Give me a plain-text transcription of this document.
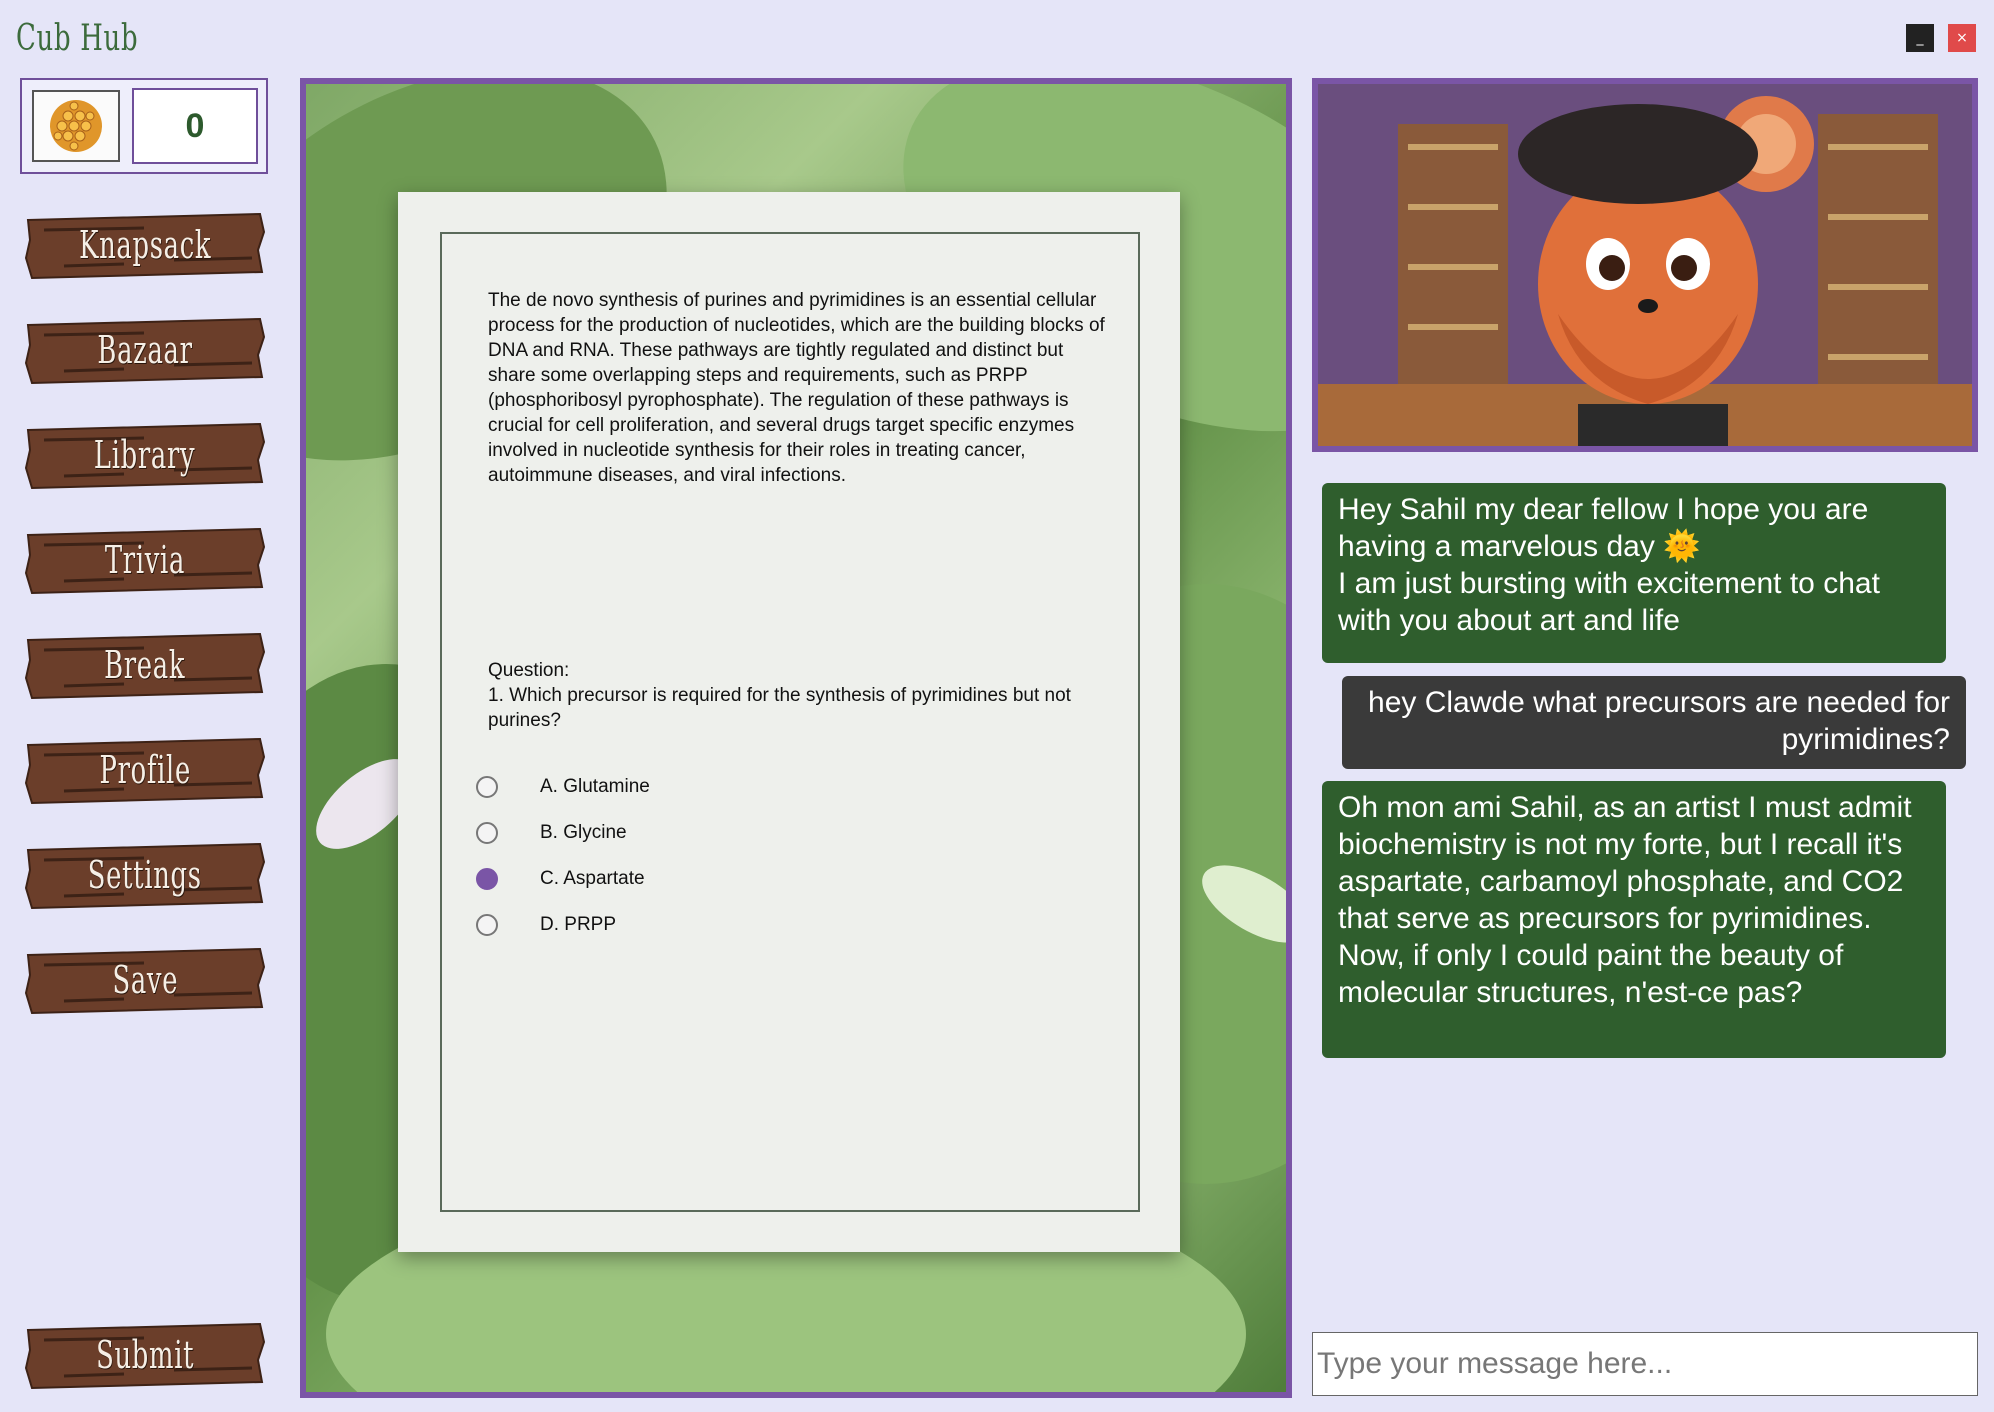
Cub Hub	_	×
0
Knapsack
Bazaar
Library
Trivia
Break
Profile
Settings
Save
Submit
The de novo synthesis of purines and pyrimidines is an essential cellular process for the production of nucleotides, which are the building blocks of DNA and RNA. These pathways are tightly regulated and distinct but share some overlapping steps and requirements, such as PRPP (phosphoribosyl pyrophosphate). The regulation of these pathways is crucial for cell proliferation, and several drugs target specific enzymes involved in nucleotide synthesis for their roles in treating cancer, autoimmune diseases, and viral infections.
Question:
1. Which precursor is required for the synthesis of pyrimidines but not purines?
A. Glutamine
B. Glycine
C. Aspartate
D. PRPP
Hey Sahil my dear fellow I hope you are having a marvelous day 🌞
I am just bursting with excitement to chat with you about art and life
hey Clawde what precursors are needed for pyrimidines?
Oh mon ami Sahil, as an artist I must admit biochemistry is not my forte, but I recall it's aspartate, carbamoyl phosphate, and CO2 that serve as precursors for pyrimidines. Now, if only I could paint the beauty of molecular structures, n'est-ce pas?
Type your message here...
